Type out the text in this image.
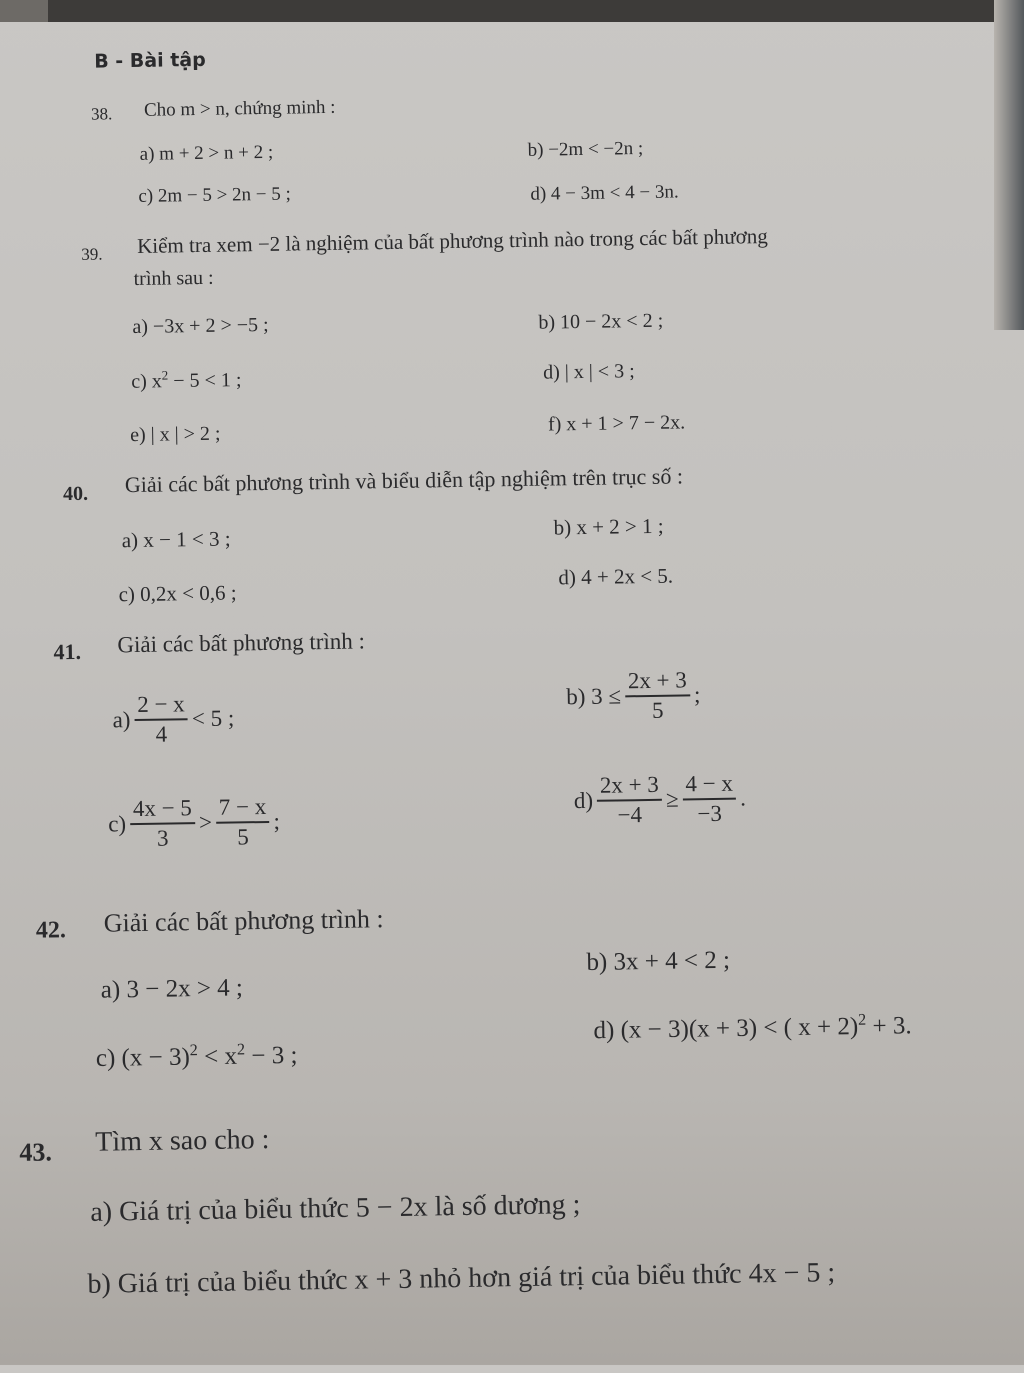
B - Bài tập
38. Cho m > n, chứng minh :
a) m + 2 > n + 2 ;	b) −2m < −2n ;
c) 2m − 5 > 2n − 5 ;	d) 4 − 3m < 4 − 3n.
39. Kiểm tra xem −2 là nghiệm của bất phương trình nào trong các bất phương
trình sau :
a) −3x + 2 > −5 ;	b) 10 − 2x < 2 ;
c) $x^2 - 5 < 1$ ;	d) | x | < 3 ;
e) | x | > 2 ;	f) x + 1 > 7 − 2x.
40. Giải các bất phương trình và biểu diễn tập nghiệm trên trục số :
a) x − 1 < 3 ;	b) x + 2 > 1 ;
c) 0,2x < 0,6 ;
d) 4 + 2x < 5.
41. Giải các bất phương trình :
$a) \frac{2 - x}{4} < 5$ ;
b) $3 \le \frac{2x + 3}{5}$ ;
$c) \frac{4x - 5}{3} > \frac{7 - x}{5}$ ;
$d) \frac{2x + 3}{-4} \ge \frac{4 - x}{-3}$ .
42. Giải các bất phương trình :
a) 3 − 2x > 4 ;
b) 3x + 4 < 2 ;
c) $(x - 3)^2 < x^2 - 3$ ;
d) (x − 3)(x + 3) < ( x + 2)$^2$ + 3.
43. Tìm x sao cho :
a) Giá trị của biểu thức 5 − 2x là số dương ;
b) Giá trị của biểu thức x + 3 nhỏ hơn giá trị của biểu thức 4x − 5 ;
